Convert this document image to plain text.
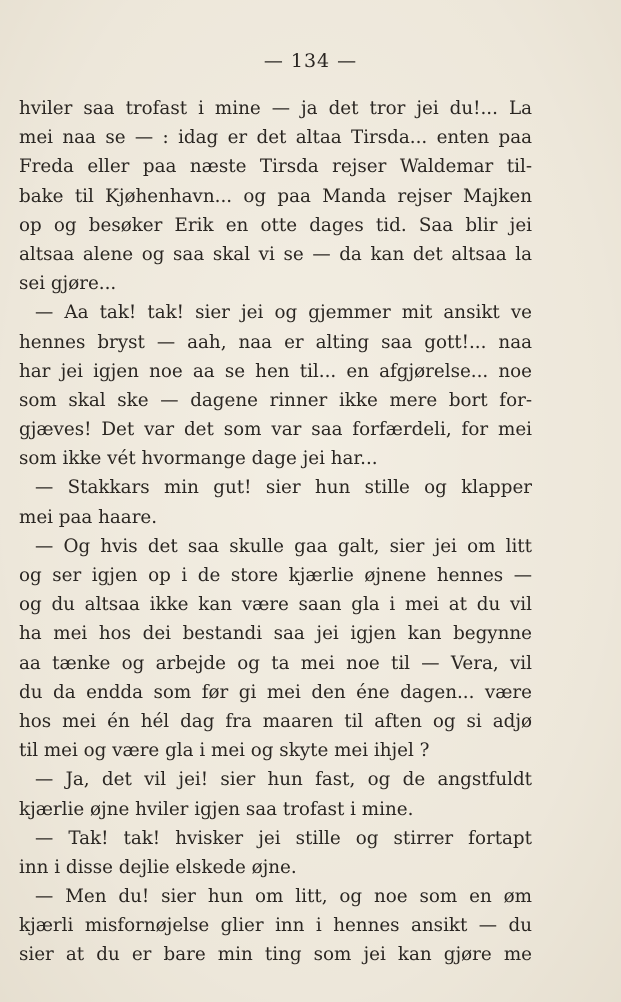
— 134 —
hviler saa trofast i mine — ja det tror jei du!... La
mei naa se — : idag er det altaa Tirsda... enten paa
Freda eller paa næste Tirsda rejser Waldemar til-
bake til Kjøhenhavn... og paa Manda rejser Majken
op og besøker Erik en otte dages tid. Saa blir jei
altsaa alene og saa skal vi se — da kan det altsaa la
sei gjøre...
— Aa tak! tak! sier jei og gjemmer mit ansikt ve
hennes bryst — aah, naa er alting saa gott!... naa
har jei igjen noe aa se hen til... en afgjørelse... noe
som skal ske — dagene rinner ikke mere bort for-
gjæves! Det var det som var saa forfærdeli, for mei
som ikke vét hvormange dage jei har...
— Stakkars min gut! sier hun stille og klapper
mei paa haare.
— Og hvis det saa skulle gaa galt, sier jei om litt
og ser igjen op i de store kjærlie øjnene hennes —
og du altsaa ikke kan være saan gla i mei at du vil
ha mei hos dei bestandi saa jei igjen kan begynne
aa tænke og arbejde og ta mei noe til — Vera, vil
du da endda som før gi mei den éne dagen... være
hos mei én hél dag fra maaren til aften og si adjø
til mei og være gla i mei og skyte mei ihjel ?
— Ja, det vil jei! sier hun fast, og de angstfuldt
kjærlie øjne hviler igjen saa trofast i mine.
— Tak! tak! hvisker jei stille og stirrer fortapt
inn i disse dejlie elskede øjne.
— Men du! sier hun om litt, og noe som en øm
kjærli misfornøjelse glier inn i hennes ansikt — du
sier at du er bare min ting som jei kan gjøre me
